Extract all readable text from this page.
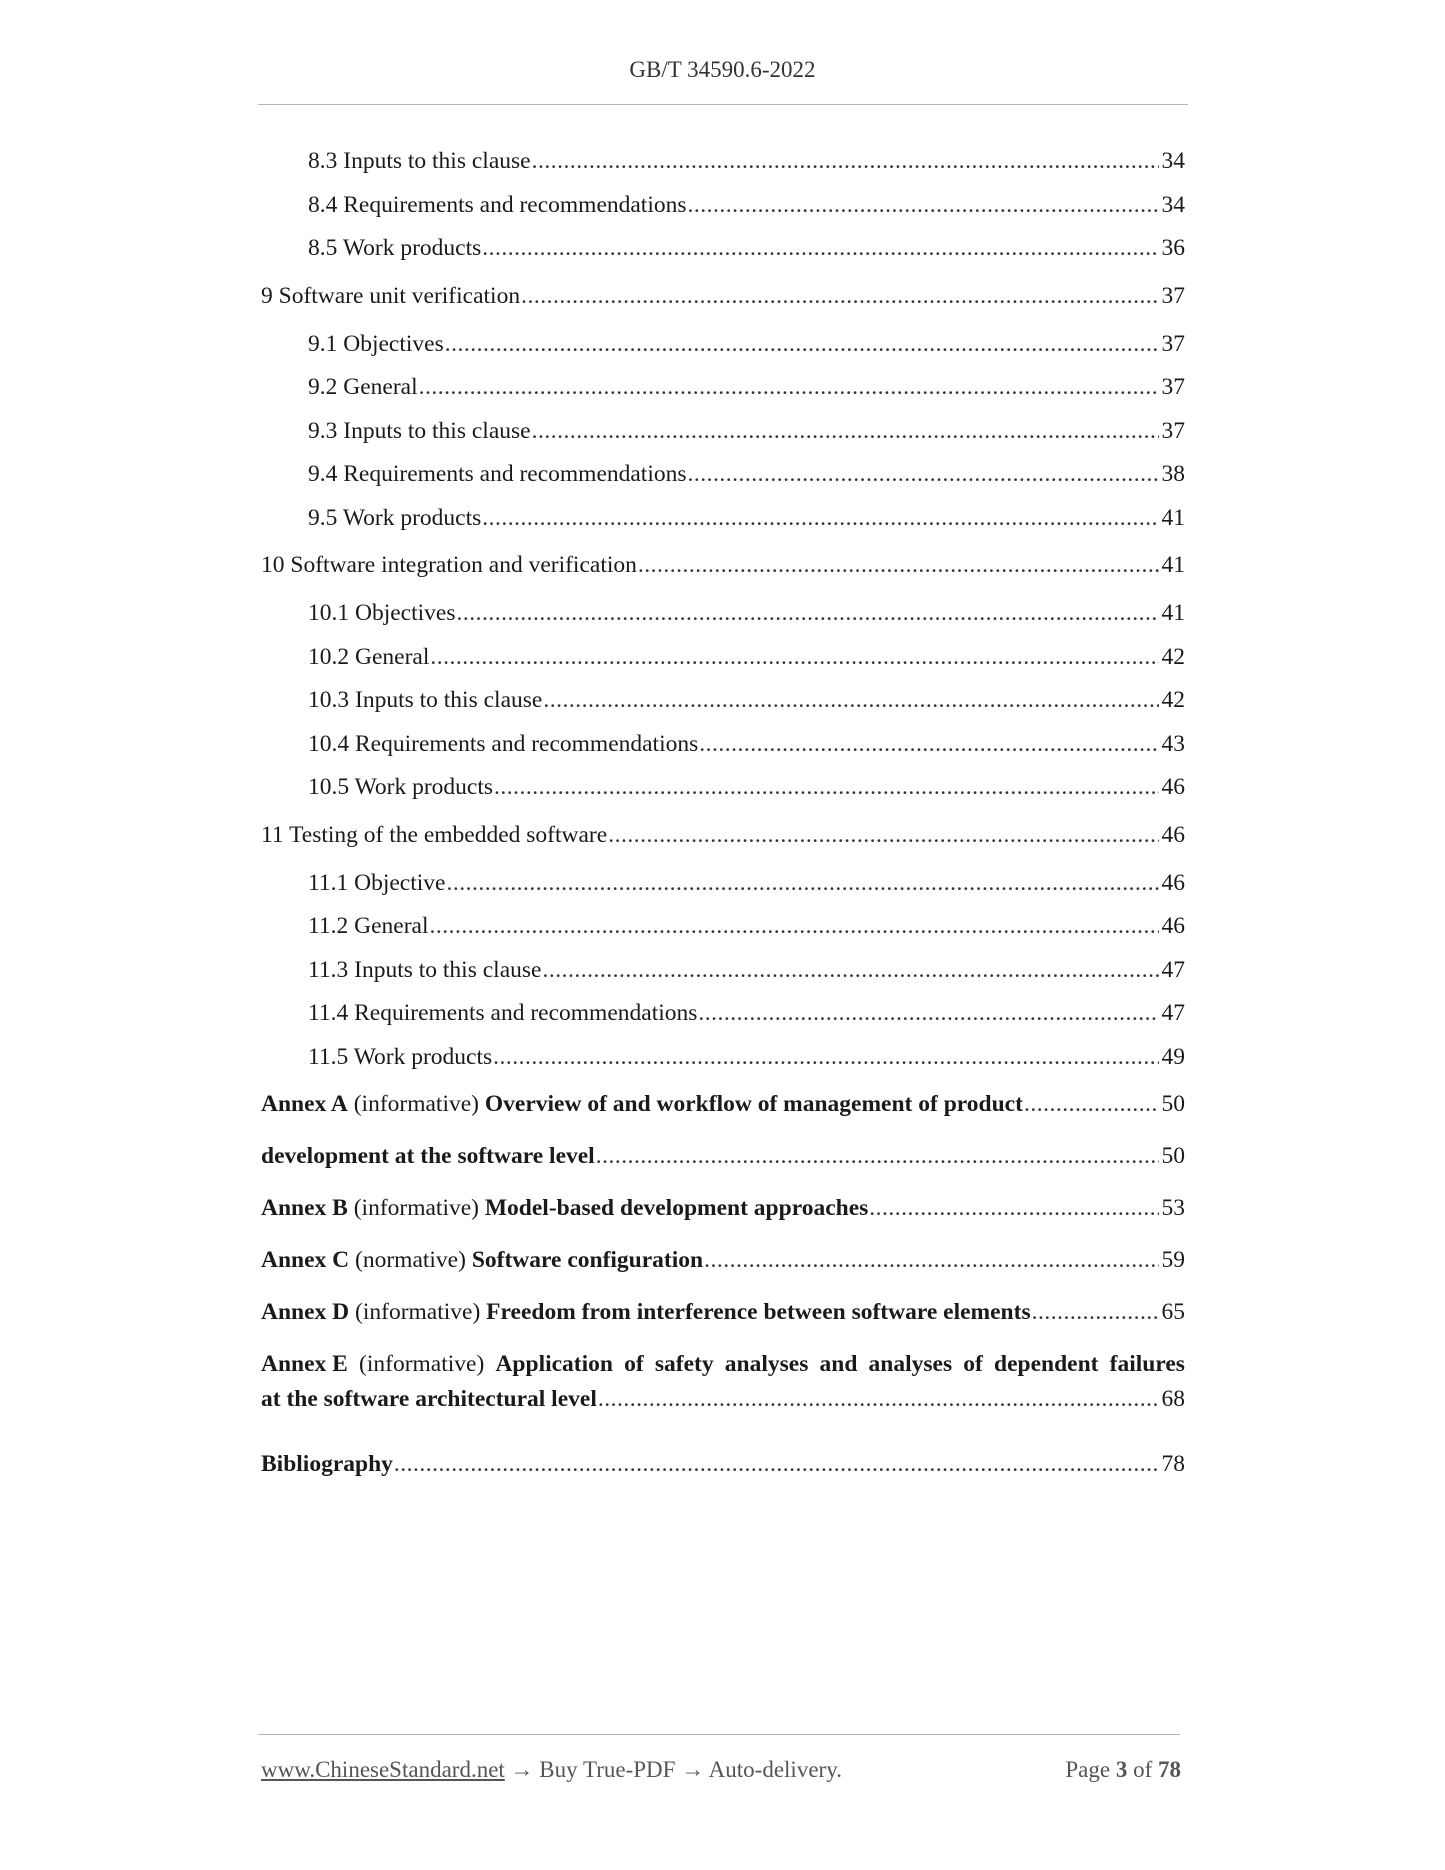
GB/T 34590.6-2022
8.3 Inputs to this clause .....	34
8.4 Requirements and recommendations .....	34
8.5 Work products .....	36
9 Software unit verification .....	37
9.1 Objectives .....	37
9.2 General .....	37
9.3 Inputs to this clause .....	37
9.4 Requirements and recommendations .....	38
9.5 Work products .....	41
10 Software integration and verification .....	41
10.1 Objectives .....	41
10.2 General .....	42
10.3 Inputs to this clause .....	42
10.4 Requirements and recommendations .....	43
10.5 Work products .....	46
11 Testing of the embedded software .....	46
11.1 Objective .....	46
11.2 General .....	46
11.3 Inputs to this clause .....	47
11.4 Requirements and recommendations .....	47
11.5 Work products .....	49
Annex A (informative) Overview of and workflow of management of product .....	50
development at the software level .....	50
Annex B (informative) Model-based development approaches .....	53
Annex C (normative) Software configuration .....	59
Annex D (informative) Freedom from interference between software elements .....	65
Annex E (informative) Application of safety analyses and analyses of dependent failures
at the software architectural level .....	68
Bibliography .....	78
www.ChineseStandard.net → Buy True-PDF → Auto-delivery.	Page 3 of 78
